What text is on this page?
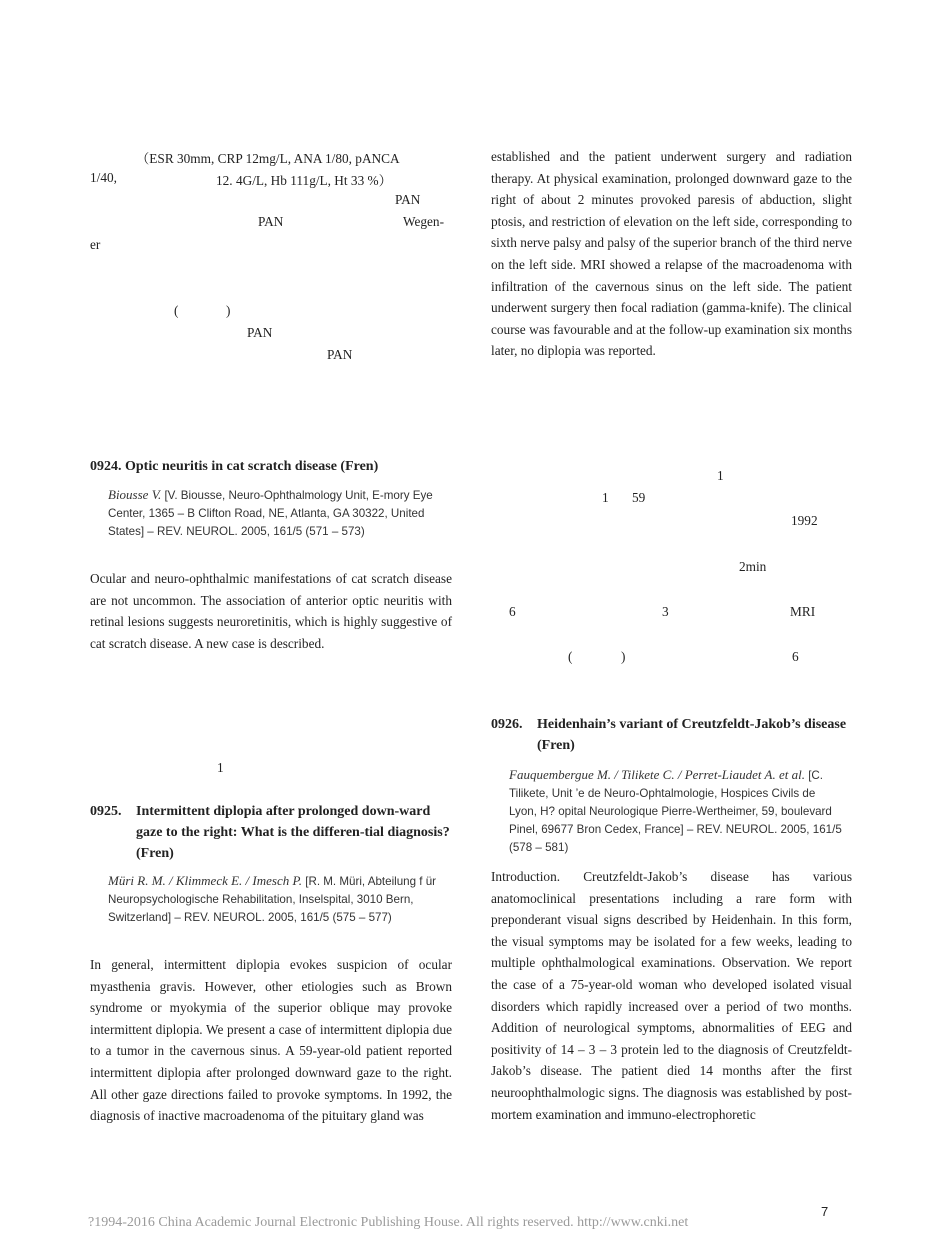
（ESR 30mm, CRP 12mg/L, ANA 1/80, pANCA
1/40,	12. 4G/L, Hb 111g/L, Ht 33 %）
PAN
PAN	Wegen-
er
(	)
PAN
PAN

established and the patient underwent surgery and radiation therapy. At physical examination, prolonged downward gaze to the right of about 2 minutes provoked paresis of abduction, slight ptosis, and restriction of elevation on the left side, corresponding to sixth nerve palsy and palsy of the superior branch of the third nerve on the left side. MRI showed a relapse of the macroadenoma with infiltration of the cavernous sinus on the left side. The patient underwent surgery then focal radiation (gamma-knife). The clinical course was favourable and at the follow-up examination six months later, no diplopia was reported.

0924. Optic neuritis in cat scratch disease (Fren)
Biousse V. [V. Biousse, Neuro-Ophthalmology Unit, E-mory Eye Center, 1365 – B Clifton Road, NE, Atlanta, GA 30322, United States] – REV. NEUROL. 2005, 161/5 (571 – 573)

Ocular and neuro-ophthalmic manifestations of cat scratch disease are not uncommon. The association of anterior optic neuritis with retinal lesions suggests neuroretinitis, which is highly suggestive of cat scratch disease. A new case is described.

1
0925.	Intermittent diplopia after prolonged down-ward gaze to the right: What is the differen-tial diagnosis? (Fren)
Müri R. M. / Klimmeck E. / Imesch P. [R. M. Müri, Abteilung f ür Neuropsychologische Rehabilitation, Inselspital, 3010 Bern, Switzerland] – REV. NEUROL. 2005, 161/5 (575 – 577)

In general, intermittent diplopia evokes suspicion of ocular myasthenia gravis. However, other etiologies such as Brown syndrome or myokymia of the superior oblique may provoke intermittent diplopia. We present a case of intermittent diplopia due to a tumor in the cavernous sinus. A 59-year-old patient reported intermittent diplopia after prolonged downward gaze to the right. All other gaze directions failed to provoke symptoms. In 1992, the diagnosis of inactive macroadenoma of the pituitary gland was

1
1 59
1992
2min
6	3	MRI
(	)	6
0926.	Heidenhain’s variant of Creutzfeldt-Jakob’s disease (Fren)
Fauquembergue M. / Tilikete C. / Perret-Liaudet A. et al. [C. Tilikete, Unit ’e de Neuro-Ophtalmologie, Hospices Civils de Lyon, H? opital Neurologique Pierre-Wertheimer, 59, boulevard Pinel, 69677 Bron Cedex, France] – REV. NEUROL. 2005, 161/5 (578 – 581)

Introduction. Creutzfeldt-Jakob’s disease has various anatomoclinical presentations including a rare form with preponderant visual signs described by Heidenhain. In this form, the visual symptoms may be isolated for a few weeks, leading to multiple ophthalmological examinations. Observation. We report the case of a 75-year-old woman who developed isolated visual disorders which rapidly increased over a period of two months. Addition of neurological symptoms, abnormalities of EEG and positivity of 14 – 3 – 3 protein led to the diagnosis of Creutzfeldt-Jakob’s disease. The patient died 14 months after the first neuroophthalmologic signs. The diagnosis was established by post-mortem examination and immuno-electrophoretic

7
?1994-2016 China Academic Journal Electronic Publishing House. All rights reserved. http://www.cnki.net
